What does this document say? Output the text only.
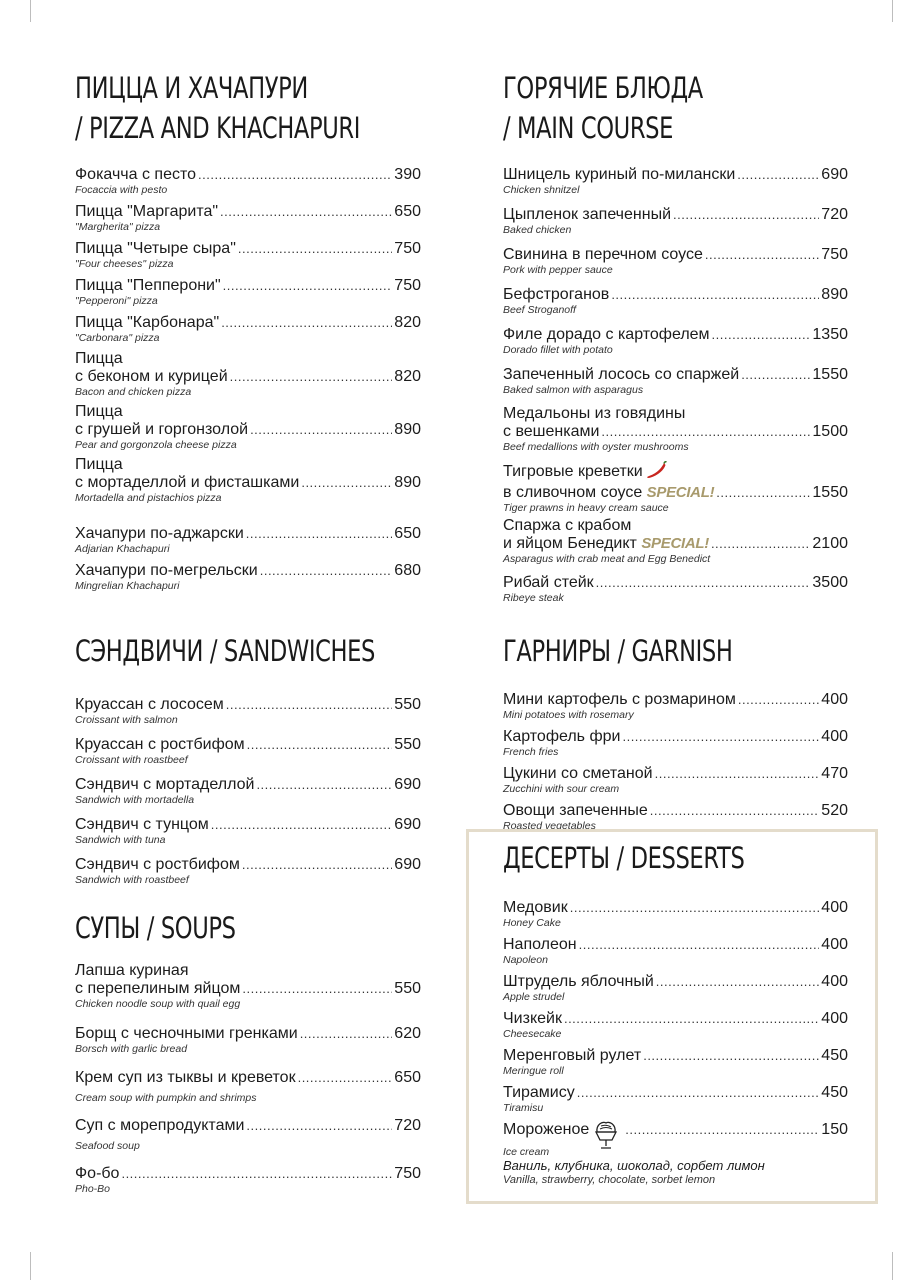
ПИЦЦА И ХАЧАПУРИ
/ PIZZA AND KHACHAPURI
Фокачча с песто .....	390
Focaccia with pesto
Пицца "Маргарита" .....	650
"Margherita" pizza
Пицца "Четыре сыра" .....	750
"Four cheeses" pizza
Пицца "Пепперони" .....	750
"Pepperoni" pizza
Пицца "Карбонара" .....	820
"Carbonara" pizza
Пицца
с беконом и курицей .....	820
Bacon and chicken pizza
Пицца
с грушей и горгонзолой .....	890
Pear and gorgonzola cheese pizza
Пицца
с мортаделлой и фисташками .....	890
Mortadella and pistachios pizza
Хачапури по-аджарски .....	650
Adjarian Khachapuri
Хачапури по-мегрельски .....	680
Mingrelian Khachapuri
СЭНДВИЧИ / SANDWICHES
Круассан с лососем .....	550
Croissant with salmon
Круассан с ростбифом .....	550
Croissant with roastbeef
Сэндвич с мортаделлой .....	690
Sandwich with mortadella
Сэндвич с тунцом .....	690
Sandwich with tuna
Сэндвич с ростбифом .....	690
Sandwich with roastbeef
СУПЫ / SOUPS
Лапша куриная
с перепелиным яйцом .....	550
Chicken noodle soup with quail egg
Борщ с чесночными гренками .....	620
Borsch with garlic bread
Крем суп из тыквы и креветок .....	650
Cream soup with pumpkin and shrimps
Суп с морепродуктами .....	720
Seafood soup
Фо-бо .....	750
Pho-Bo
ГОРЯЧИЕ БЛЮДА
/ MAIN COURSE
Шницель куриный по-милански .....	690
Chicken shnitzel
Цыпленок запеченный .....	720
Baked chicken
Свинина в перечном соусе .....	750
Pork with pepper sauce
Бефстроганов .....	890
Beef Stroganoff
Филе дорадо с картофелем .....	1350
Dorado fillet with potato
Запеченный лосось со спаржей .....	1550
Baked salmon with asparagus
Медальоны из говядины
с вешенками .....	1500
Beef medallions with oyster mushrooms
Тигровые креветки
в сливочном соусе SPECIAL! .....	1550
Tiger prawns in heavy cream sauce
Спаржа с крабом
и яйцом Бенедикт SPECIAL! .....	2100
Asparagus with crab meat and Egg Benedict
Рибай стейк .....	3500
Ribeye steak
ГАРНИРЫ / GARNISH
Мини картофель с розмарином .....	400
Mini potatoes with rosemary
Картофель фри .....	400
French fries
Цукини со сметаной .....	470
Zucchini with sour cream
Овощи запеченные .....	520
Roasted vegetables
ДЕСЕРТЫ / DESSERTS
Медовик .....	400
Honey Cake
Наполеон .....	400
Napoleon
Штрудель яблочный .....	400
Apple strudel
Чизкейк .....	400
Cheesecake
Меренговый рулет .....	450
Meringue roll
Тирамису .....	450
Tiramisu
Мороженое .....	150
Ice cream
Ваниль, клубника, шоколад, сорбет лимон
Vanilla, strawberry, chocolate, sorbet lemon
